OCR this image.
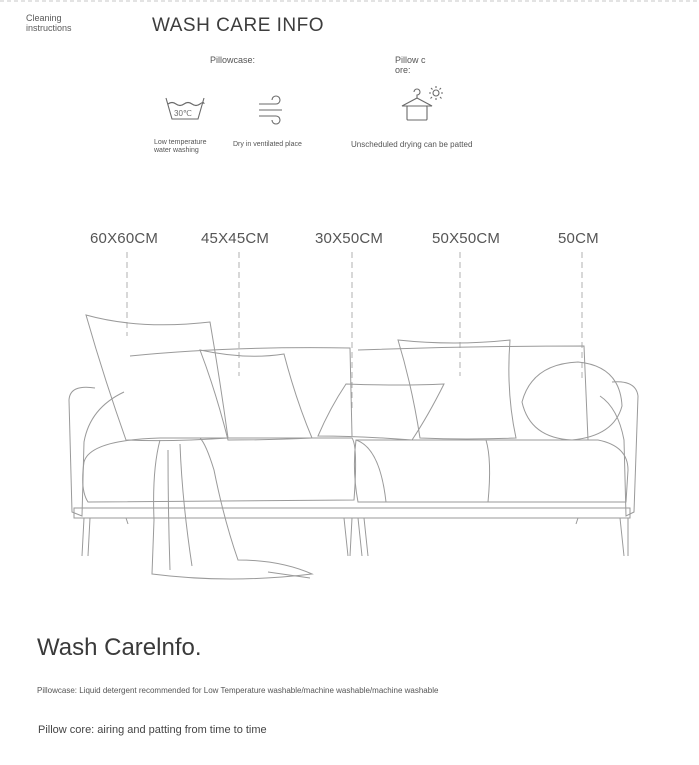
Cleaning instructions	WASH CARE INFO
Pillowcase:	Pillow core:
30℃
Low temperature
water washing
Dry in ventilated place	Unscheduled drying can be patted
60X60CM	45X45CM	30X50CM	50X50CM	50CM
Wash Carelnfo.
Pillowcase: Liquid detergent recommended for Low Temperature washable/machine washable/machine washable
Pillow core: airing and patting from time to time
